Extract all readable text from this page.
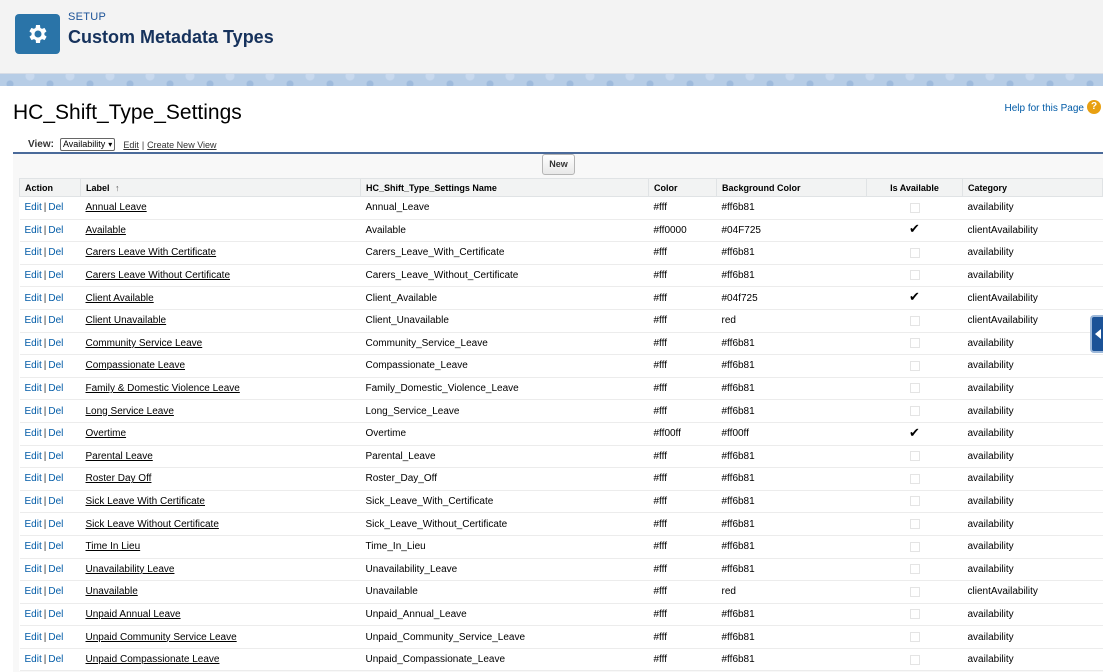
SETUP
Custom Metadata Types
HC_Shift_Type_Settings	Help for this Page ?
View: Availability ▾ Edit | Create New View
New
Action	Label ↑	HC_Shift_Type_Settings Name	Color	Background Color	Is Available	Category
Edit | Del	Annual Leave	Annual_Leave	#fff	#ff6b81		availability
Edit | Del	Available	Available	#ff0000	#04F725	✔	clientAvailability
Edit | Del	Carers Leave With Certificate	Carers_Leave_With_Certificate	#fff	#ff6b81		availability
Edit | Del	Carers Leave Without Certificate	Carers_Leave_Without_Certificate	#fff	#ff6b81		availability
Edit | Del	Client Available	Client_Available	#fff	#04f725	✔	clientAvailability
Edit | Del	Client Unavailable	Client_Unavailable	#fff	red		clientAvailability
Edit | Del	Community Service Leave	Community_Service_Leave	#fff	#ff6b81		availability
Edit | Del	Compassionate Leave	Compassionate_Leave	#fff	#ff6b81		availability
Edit | Del	Family & Domestic Violence Leave	Family_Domestic_Violence_Leave	#fff	#ff6b81		availability
Edit | Del	Long Service Leave	Long_Service_Leave	#fff	#ff6b81		availability
Edit | Del	Overtime	Overtime	#ff00ff	#ff00ff	✔	availability
Edit | Del	Parental Leave	Parental_Leave	#fff	#ff6b81		availability
Edit | Del	Roster Day Off	Roster_Day_Off	#fff	#ff6b81		availability
Edit | Del	Sick Leave With Certificate	Sick_Leave_With_Certificate	#fff	#ff6b81		availability
Edit | Del	Sick Leave Without Certificate	Sick_Leave_Without_Certificate	#fff	#ff6b81		availability
Edit | Del	Time In Lieu	Time_In_Lieu	#fff	#ff6b81		availability
Edit | Del	Unavailability Leave	Unavailability_Leave	#fff	#ff6b81		availability
Edit | Del	Unavailable	Unavailable	#fff	red		clientAvailability
Edit | Del	Unpaid Annual Leave	Unpaid_Annual_Leave	#fff	#ff6b81		availability
Edit | Del	Unpaid Community Service Leave	Unpaid_Community_Service_Leave	#fff	#ff6b81		availability
Edit | Del	Unpaid Compassionate Leave	Unpaid_Compassionate_Leave	#fff	#ff6b81		availability
